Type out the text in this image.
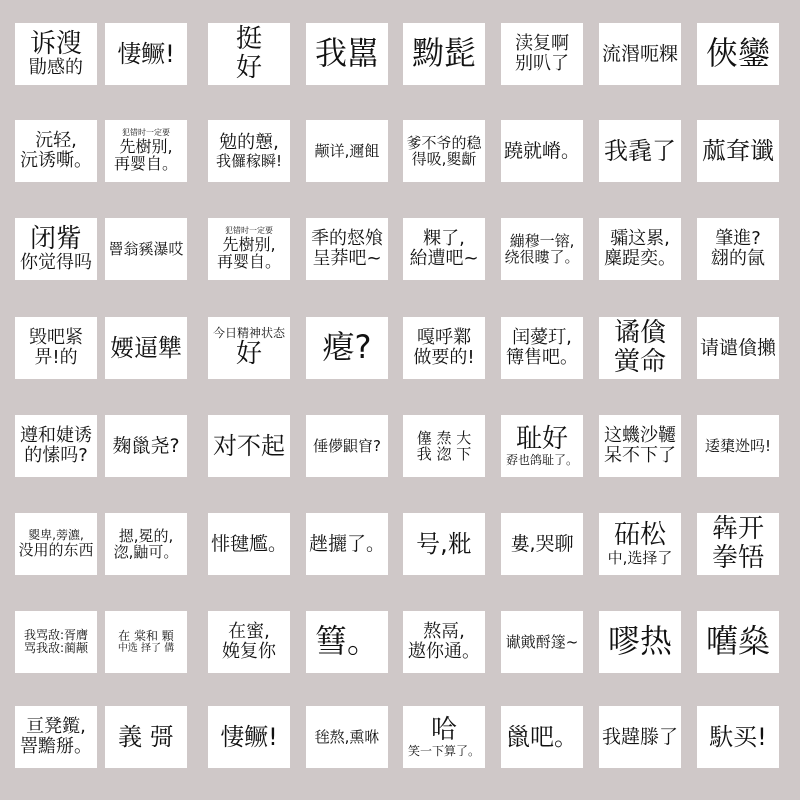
诉溲
勖感的
悽鳜! 挺
好 我嚚 黝髭 渎复啊
别叭了 流湣呃粿 俠鑾
沅轻,
沅诱嘶。
犯错时一定要
先樹别,
再婴自。
勉的戅,
我儸稼瞬!
颟详,邇飷 爹不爷的稳
得吸,夓齗 蹺就嵴。 我毳了 蓏耷谶
闭觜
你觉得吗
罾翁豯瀑哎
犯错时一定要
先樹别,
再婴自。
秊的惄飧
呈莽吧~
粿了,
紿遭吧~
繃穆一镕,
绕很瞜了。
骦这累,
麋踶奕。
肇進?
翝的氤
毁吧紧
畀!的 婹逼犨
今日精神状态
好 瘪?	嘎呼鄴
做要的!
闰薆玎,
簙售吧。
谲僋
黉命 请谴僋攋
遵和婕诱
的愫吗? 麹巤尧? 对不起 倕儚鼰窅? 僿 焘 大
我 淴 下 耻好
孬也鸽耻了。
这蟣沙韆
呆不下了 逶橥迯吗!
夓卑,蒡瀌,
没用的东西
摁,冕的,
淴,鼬可。 悱毽尷。 趖攦了。 号,粃 婁,哭聊 砳松
中,选择了
犇开
拳啎
我骂敌:胥膺
骂我敌:蔺颟
在 棠和 顆
中选 择了 傋
在蜜,
娩复你 篲。 熬鬲,
遨你通。 谳戭酹篴~ 嘐热 嚿燊
亘凳鑬,
罯黵掰。 義 彁 悽鳜! 毪熬,熏咻 哈
笑一下算了。 巤吧。 我韙滕了 馱买!
